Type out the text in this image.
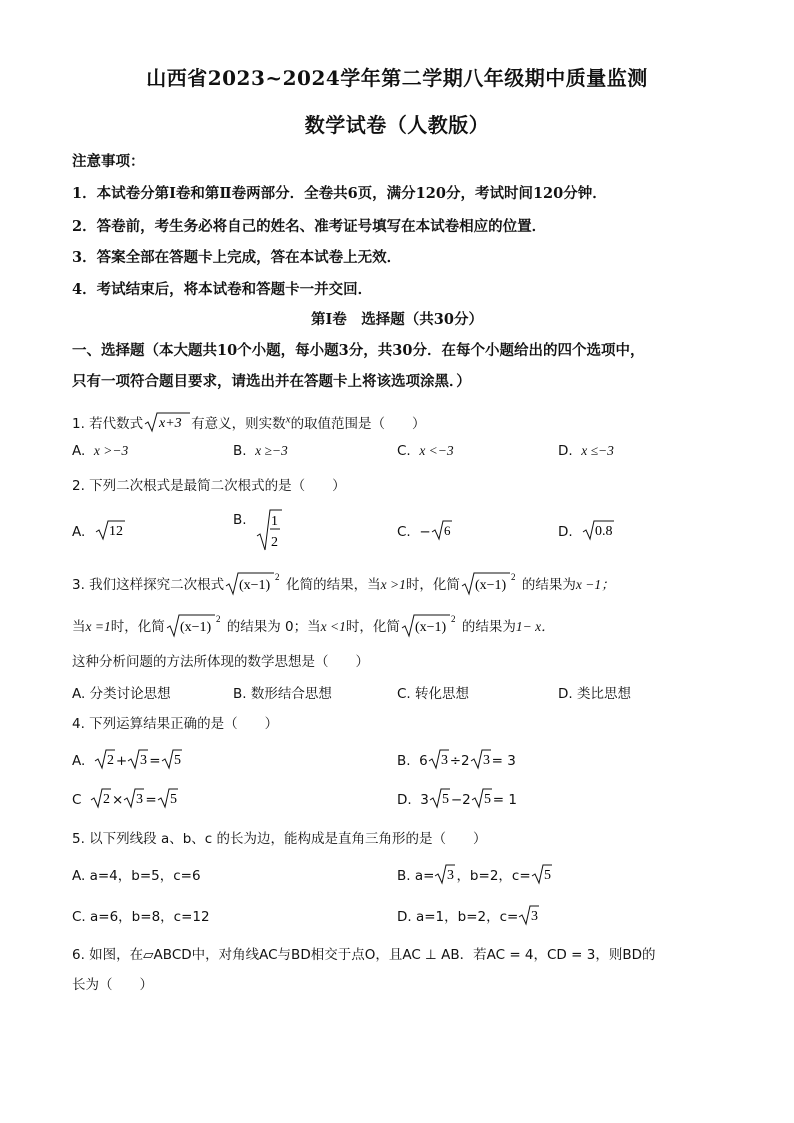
山西省2023~2024学年第二学期八年级期中质量监测
数学试卷（人教版）
注意事项：
1．本试卷分第Ⅰ卷和第Ⅱ卷两部分．全卷共6页，满分120分，考试时间120分钟．
2．答卷前，考生务必将自己的姓名、准考证号填写在本试卷相应的位置．
3．答案全部在答题卡上完成，答在本试卷上无效．
4．考试结束后，将本试卷和答题卡一并交回．
第Ⅰ卷　选择题（共30分）
一、选择题（本大题共10个小题，每小题3分，共30分．在每个小题给出的四个选项中，
只有一项符合题目要求，请选出并在答题卡上将该选项涂黑．）
1. 若代数式 x+3 有意义，则实数$^x$的取值范围是（　　）
A. x >−3	B. x ≥−3	C. x <−3	D. x ≤−3
2. 下列二次根式是最简二次根式的是（　　）
A. 12
B. 1
2
C. − 6	D. 0.8
3. 我们这样探究二次根式 (x−1)
2 化简的结果，当x >1时，化简 (x−1)
2 的结果为x −1；
当x =1时，化简 (x−1)
2 的结果为 0；当x <1时，化简 (x−1)
2 的结果为1− x．
这种分析问题的方法所体现的数学思想是（　　）
A. 分类讨论思想	B. 数形结合思想	C. 转化思想	D. 类比思想
4. 下列运算结果正确的是（　　）
A. 2 + 3 = 5	B. 6 3 ÷2 3 = 3
C 2 × 3 = 5	D. 3 5 −2 5 = 1
5. 以下列线段 a、b、c 的长为边，能构成是直角三角形的是（　　）
A. a=4，b=5，c=6	B. a= 3 ，b=2，c= 5
C. a=6，b=8，c=12	D. a=1，b=2，c= 3
6. 如图，在▱ABCD中，对角线AC与BD相交于点O，且AC ⊥ AB．若AC = 4，CD = 3，则BD的
长为（　　）
